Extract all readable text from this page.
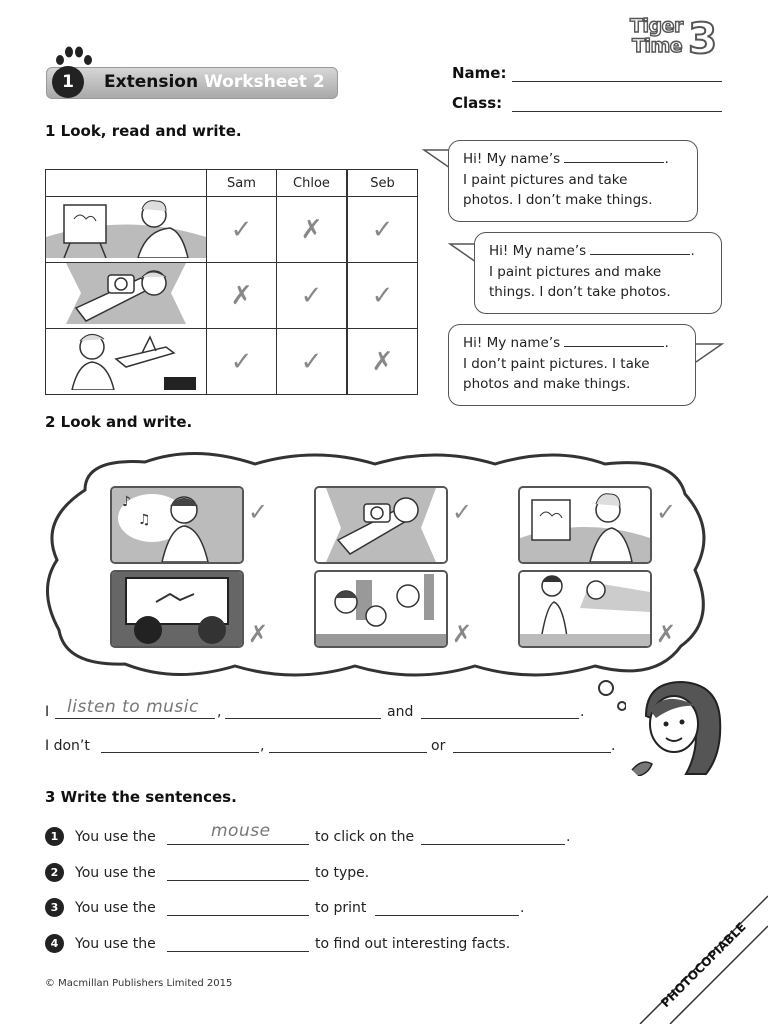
Tiger
Time 3
1	Extension Worksheet 2	Name:
Class:
1 Look, read and write.
	Sam	Chloe	Seb
	✓	✗	✓
	✗	✓	✓
	✓	✓	✗
Hi! My name’s	.
I paint pictures and take
photos. I don’t make things.
Hi! My name’s	.
I paint pictures and make
things. I don’t take photos.
Hi! My name’s	.
I don’t paint pictures. I take
photos and make things.
2 Look and write.
♪
♫	✓	✓	✓
✗	✗	✗
I listen to music ,	and	.
I don’t	,	or	.
3 Write the sentences.
1	You use the	mouse	to click on the	.
2	You use the	to type.
3	You use the	to print	.
4	You use the	to find out interesting facts.
© Macmillan Publishers Limited 2015	PHOTOCOPIABLE
